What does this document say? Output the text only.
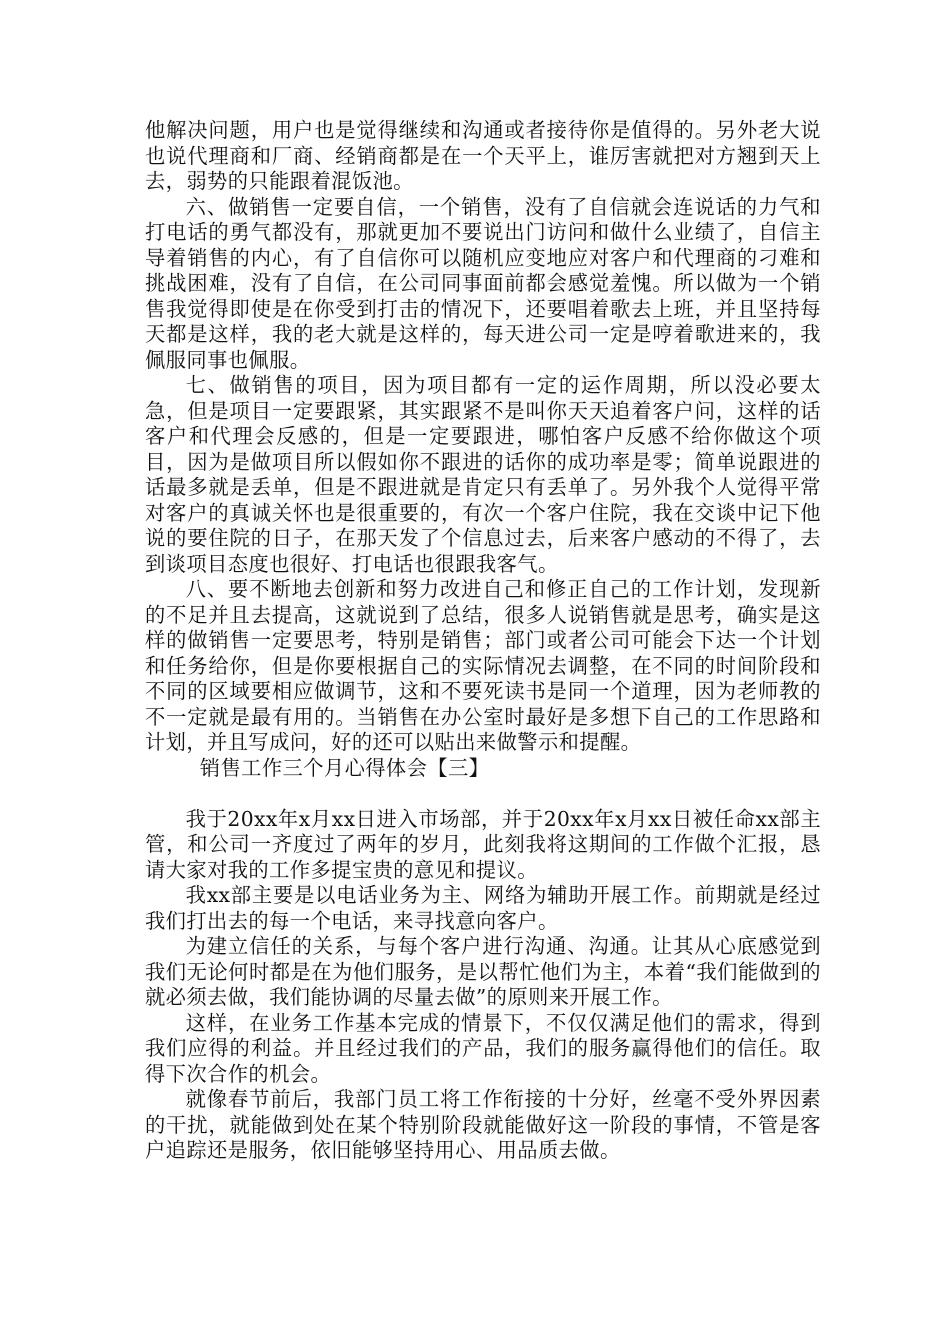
他解决问题，用户也是觉得继续和沟通或者接待你是值得的。另外老大说也说代理商和厂商、经销商都是在一个天平上，谁厉害就把对方翘到天上去，弱势的只能跟着混饭池。

六、做销售一定要自信，一个销售，没有了自信就会连说话的力气和打电话的勇气都没有，那就更加不要说出门访问和做什么业绩了，自信主导着销售的内心，有了自信你可以随机应变地应对客户和代理商的刁难和挑战困难，没有了自信，在公司同事面前都会感觉羞愧。所以做为一个销售我觉得即使是在你受到打击的情况下，还要唱着歌去上班，并且坚持每天都是这样，我的老大就是这样的，每天进公司一定是哼着歌进来的，我佩服同事也佩服。

七、做销售的项目，因为项目都有一定的运作周期，所以没必要太急，但是项目一定要跟紧，其实跟紧不是叫你天天追着客户问，这样的话客户和代理会反感的，但是一定要跟进，哪怕客户反感不给你做这个项目，因为是做项目所以假如你不跟进的话你的成功率是零；简单说跟进的话最多就是丢单，但是不跟进就是肯定只有丢单了。另外我个人觉得平常对客户的真诚关怀也是很重要的，有次一个客户住院，我在交谈中记下他说的要住院的日子，在那天发了个信息过去，后来客户感动的不得了，去到谈项目态度也很好、打电话也很跟我客气。

八、要不断地去创新和努力改进自己和修正自己的工作计划，发现新的不足并且去提高，这就说到了总结，很多人说销售就是思考，确实是这样的做销售一定要思考，特别是销售；部门或者公司可能会下达一个计划和任务给你，但是你要根据自己的实际情况去调整，在不同的时间阶段和不同的区域要相应做调节，这和不要死读书是同一个道理，因为老师教的不一定就是最有用的。当销售在办公室时最好是多想下自己的工作思路和计划，并且写成问，好的还可以贴出来做警示和提醒。

销售工作三个月心得体会【三】

我于20xx年x月xx日进入市场部，并于20xx年x月xx日被任命xx部主管，和公司一齐度过了两年的岁月，此刻我将这期间的工作做个汇报，恳请大家对我的工作多提宝贵的意见和提议。

我xx部主要是以电话业务为主、网络为辅助开展工作。前期就是经过我们打出去的每一个电话，来寻找意向客户。

为建立信任的关系，与每个客户进行沟通、沟通。让其从心底感觉到我们无论何时都是在为他们服务，是以帮忙他们为主，本着“我们能做到的就必须去做，我们能协调的尽量去做”的原则来开展工作。

这样，在业务工作基本完成的情景下，不仅仅满足他们的需求，得到我们应得的利益。并且经过我们的产品，我们的服务赢得他们的信任。取得下次合作的机会。

就像春节前后，我部门员工将工作衔接的十分好，丝毫不受外界因素的干扰，就能做到处在某个特别阶段就能做好这一阶段的事情，不管是客户追踪还是服务，依旧能够坚持用心、用品质去做。
